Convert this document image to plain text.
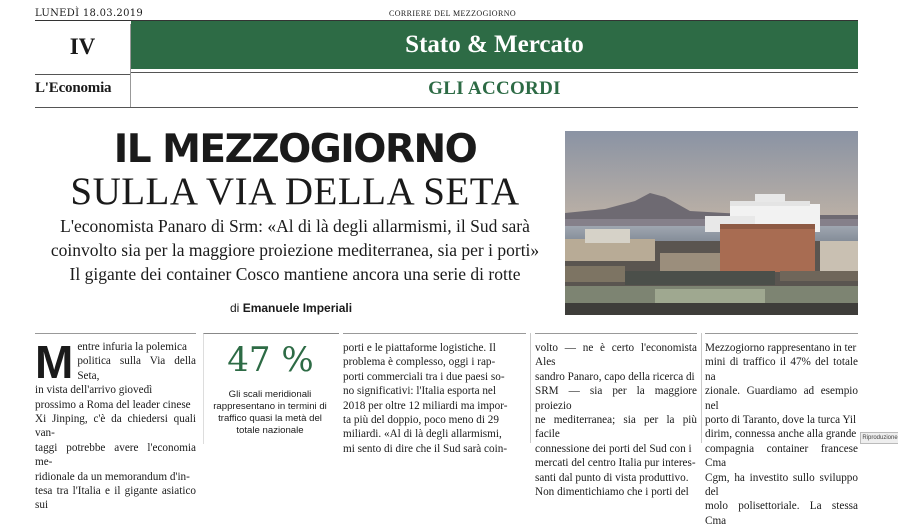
LUNEDÌ 18.03.2019	CORRIERE DEL MEZZOGIORNO
IV	Stato & Mercato
L'Economia	GLI ACCORDI
IL MEZZOGIORNO
SULLA VIA DELLA SETA
L'economista Panaro di Srm: «Al di là degli allarmismi, il Sud sarà
coinvolto sia per la maggiore proiezione mediterranea, sia per i porti»
Il gigante dei container Cosco mantiene ancora una serie di rotte
di Emanuele Imperiali
M entre infuria la polemica

politica sulla Via della Seta,

in vista dell'arrivo giovedì

prossimo a Roma del leader cinese

Xi Jinping, c'è da chiedersi quali van-

taggi potrebbe avere l'economia me-

ridionale da un memorandum d'in-

tesa tra l'Italia e il gigante asiatico sui

47 %
Gli scali meridionali rappresentano in termini di traffico quasi la metà del totale nazionale

porti e le piattaforme logistiche. Il

problema è complesso, oggi i rap-

porti commerciali tra i due paesi so-

no significativi: l'Italia esporta nel

2018 per oltre 12 miliardi ma impor-

ta più del doppio, poco meno di 29

miliardi. «Al di là degli allarmismi,

mi sento di dire che il Sud sarà coin-

volto — ne è certo l'economista Ales

sandro Panaro, capo della ricerca di

SRM — sia per la maggiore proiezio

ne mediterranea; sia per la più facile

connessione dei porti del Sud con i

mercati del centro Italia pur interes-

santi dal punto di vista produttivo.

Non dimentichiamo che i porti del

Mezzogiorno rappresentano in ter

mini di traffico il 47% del totale na

zionale. Guardiamo ad esempio nel

porto di Taranto, dove la turca Yil

dirim, connessa anche alla grande

compagnia container francese Cma

Cgm, ha investito sullo sviluppo del

molo polisettoriale. La stessa Cma

Riproduzione
